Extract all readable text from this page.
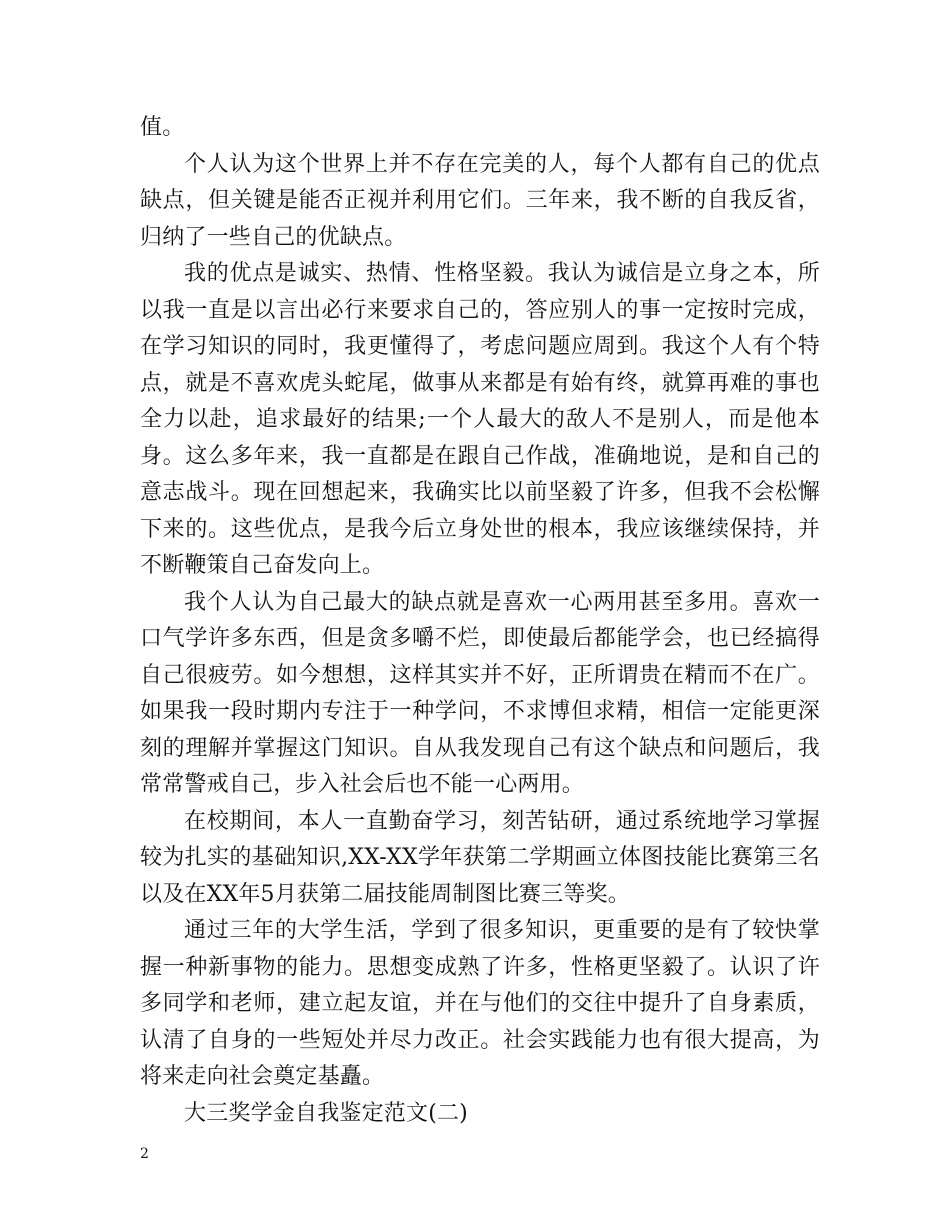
值。

个人认为这个世界上并不存在完美的人，每个人都有自己的优点缺点，但关键是能否正视并利用它们。三年来，我不断的自我反省，归纳了一些自己的优缺点。

我的优点是诚实、热情、性格坚毅。我认为诚信是立身之本，所以我一直是以言出必行来要求自己的，答应别人的事一定按时完成，在学习知识的同时，我更懂得了，考虑问题应周到。我这个人有个特点，就是不喜欢虎头蛇尾，做事从来都是有始有终，就算再难的事也全力以赴，追求最好的结果;一个人最大的敌人不是别人，而是他本身。这么多年来，我一直都是在跟自己作战，准确地说，是和自己的意志战斗。现在回想起来，我确实比以前坚毅了许多，但我不会松懈下来的。这些优点，是我今后立身处世的根本，我应该继续保持，并不断鞭策自己奋发向上。

我个人认为自己最大的缺点就是喜欢一心两用甚至多用。喜欢一口气学许多东西，但是贪多嚼不烂，即使最后都能学会，也已经搞得自己很疲劳。如今想想，这样其实并不好，正所谓贵在精而不在广。如果我一段时期内专注于一种学问，不求博但求精，相信一定能更深刻的理解并掌握这门知识。自从我发现自己有这个缺点和问题后，我常常警戒自己，步入社会后也不能一心两用。

在校期间，本人一直勤奋学习，刻苦钻研，通过系统地学习掌握较为扎实的基础知识,XX-XX学年获第二学期画立体图技能比赛第三名以及在XX年5月获第二届技能周制图比赛三等奖。

通过三年的大学生活，学到了很多知识，更重要的是有了较快掌握一种新事物的能力。思想变成熟了许多，性格更坚毅了。认识了许多同学和老师，建立起友谊，并在与他们的交往中提升了自身素质，认清了自身的一些短处并尽力改正。社会实践能力也有很大提高，为将来走向社会奠定基矗。

大三奖学金自我鉴定范文(二)

2
